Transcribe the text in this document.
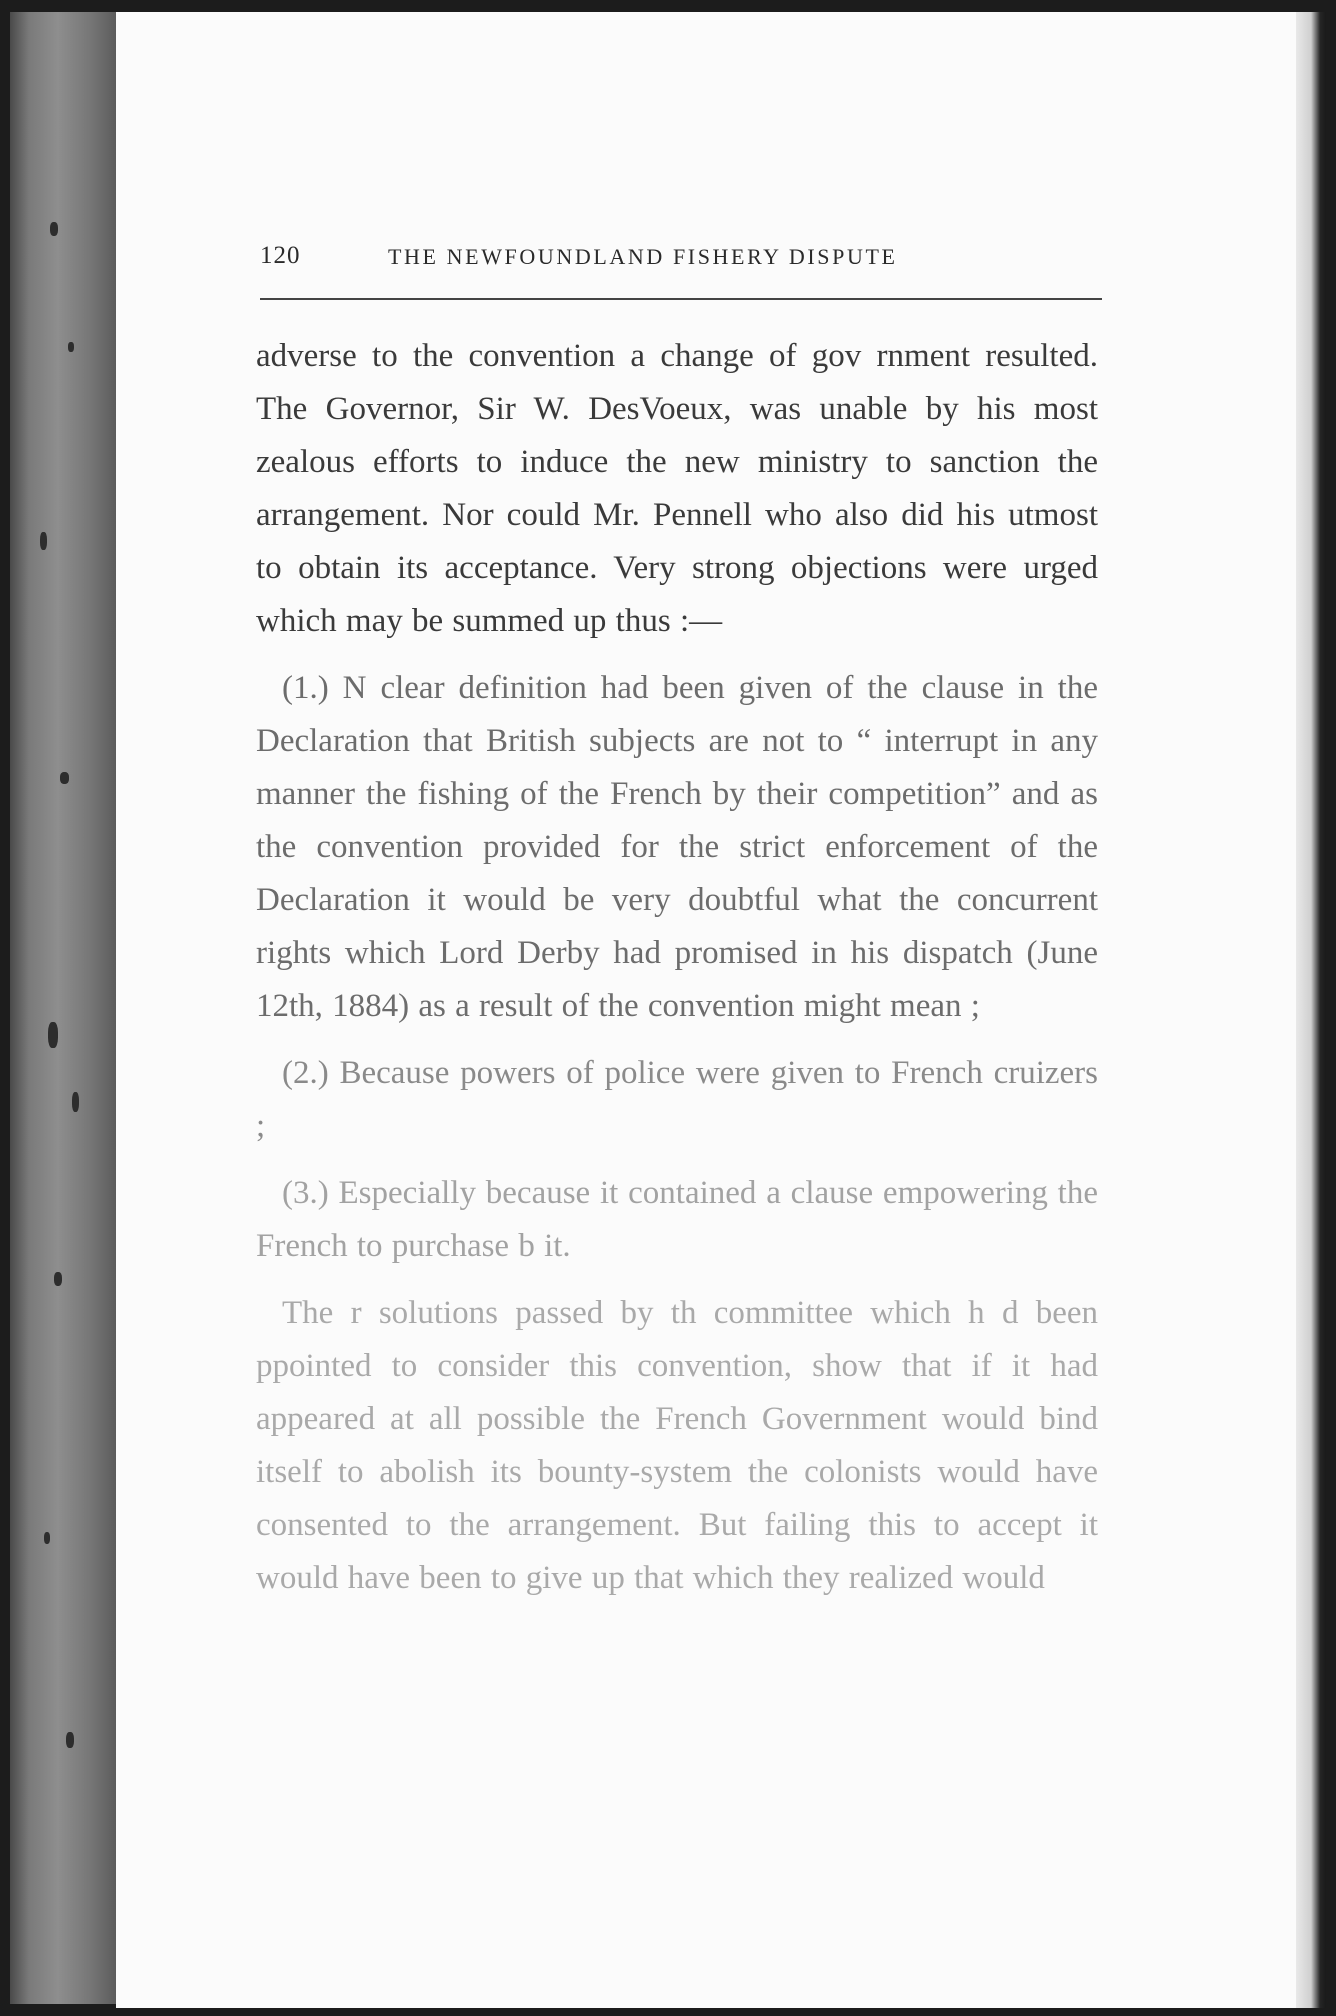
120	THE NEWFOUNDLAND FISHERY DISPUTE

adverse to the convention a change of gov rnment resulted. The Governor, Sir W. DesVoeux, was unable by his most zealous efforts to induce the new ministry to sanction the arrangement. Nor could Mr. Pennell who also did his utmost to obtain its acceptance. Very strong objections were urged which may be summed up thus :—

(1.) N clear definition had been given of the clause in the Declaration that British subjects are not to “ interrupt in any manner the fishing of the French by their competition” and as the convention provided for the strict enforcement of the Declaration it would be very doubtful what the concurrent rights which Lord Derby had promised in his dispatch (June 12th, 1884) as a result of the convention might mean ;

(2.) Because powers of police were given to French cruizers ;

(3.) Especially because it contained a clause empowering the French to purchase b it.

The r solutions passed by th committee which h d been ppointed to consider this convention, show that if it had appeared at all possible the French Government would bind itself to abolish its bounty-system the colonists would have consented to the arrangement. But failing this to accept it would have been to give up that which they realized would
